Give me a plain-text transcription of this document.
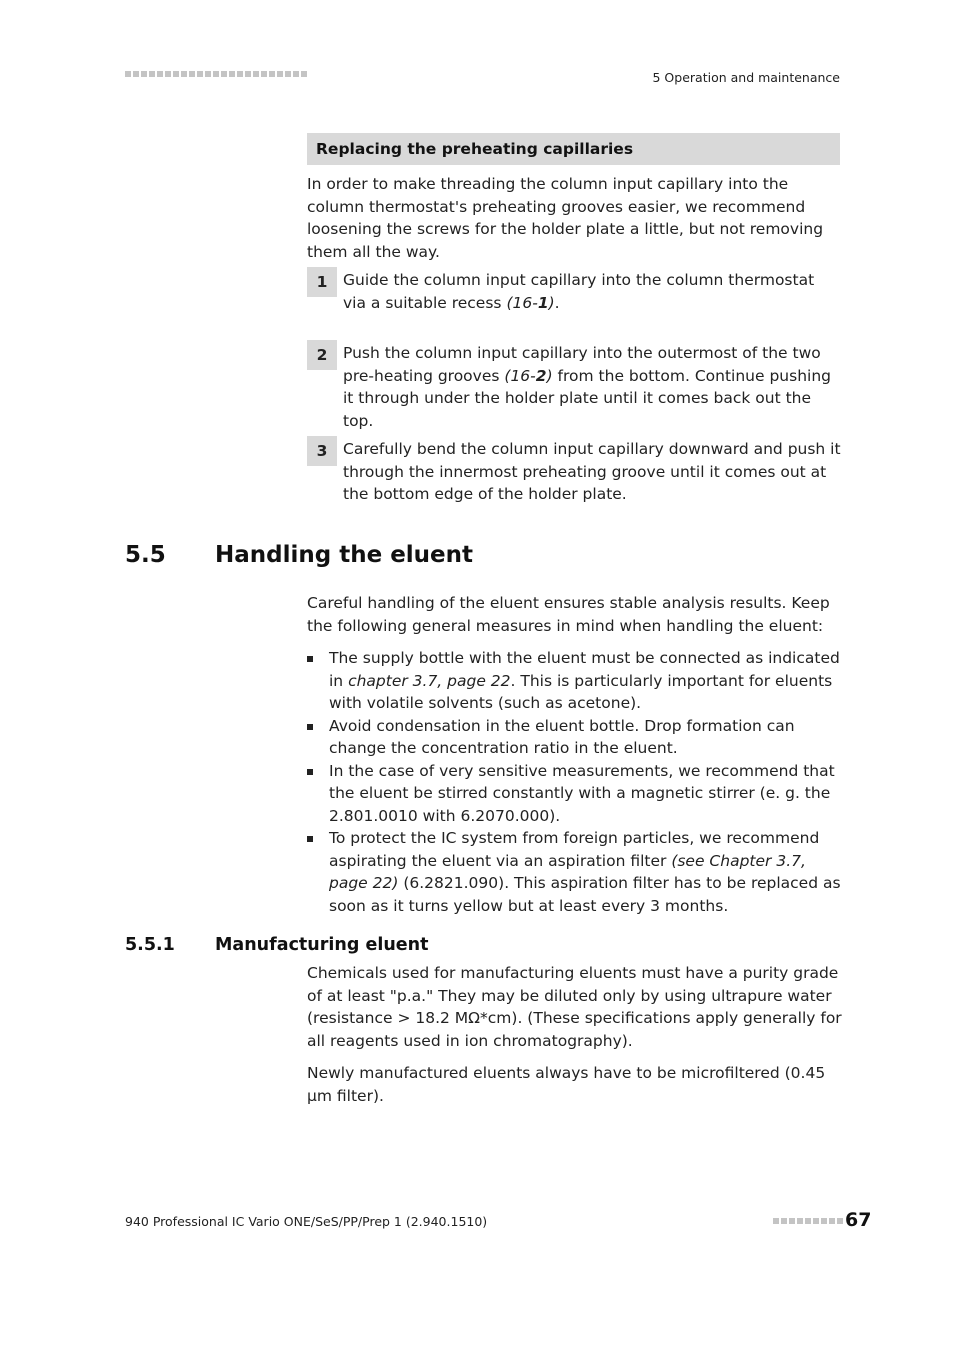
5 Operation and maintenance
Replacing the preheating capillaries
In order to make threading the column input capillary into the column thermostat's preheating grooves easier, we recommend loosening the screws for the holder plate a little, but not removing them all the way.
1	Guide the column input capillary into the column thermostat via a suitable recess (16-1).
2	Push the column input capillary into the outermost of the two pre-heating grooves (16-2) from the bottom. Continue pushing it through under the holder plate until it comes back out the top.
3	Carefully bend the column input capillary downward and push it through the innermost preheating groove until it comes out at the bottom edge of the holder plate.
5.5 Handling the eluent
Careful handling of the eluent ensures stable analysis results. Keep the following general measures in mind when handling the eluent:
The supply bottle with the eluent must be connected as indicated in chapter 3.7, page 22. This is particularly important for eluents with volatile solvents (such as acetone).
Avoid condensation in the eluent bottle. Drop formation can change the concentration ratio in the eluent.
In the case of very sensitive measurements, we recommend that the eluent be stirred constantly with a magnetic stirrer (e. g. the 2.801.0010 with 6.2070.000).
To protect the IC system from foreign particles, we recommend aspirating the eluent via an aspiration filter (see Chapter 3.7, page 22) (6.2821.090). This aspiration filter has to be replaced as soon as it turns yellow but at least every 3 months.
5.5.1 Manufacturing eluent
Chemicals used for manufacturing eluents must have a purity grade of at least "p.a." They may be diluted only by using ultrapure water (resistance > 18.2 MΩ*cm). (These specifications apply generally for all reagents used in ion chromatography).
Newly manufactured eluents always have to be microfiltered (0.45 µm filter).
940 Professional IC Vario ONE/SeS/PP/Prep 1 (2.940.1510)	67
